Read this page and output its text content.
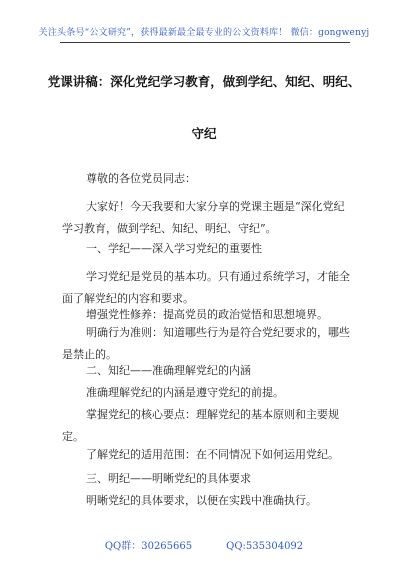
关注头条号“公文研究”，获得最新最全最专业的公文资料库！ 微信：gongwenyj
党课讲稿：深化党纪学习教育，做到学纪、知纪、明纪、
守纪
尊敬的各位党员同志：
大家好！今天我要和大家分享的党课主题是“深化党纪学习教育，做到学纪、知纪、明纪、守纪”。
一、学纪——深入学习党纪的重要性
学习党纪是党员的基本功。只有通过系统学习，才能全面了解党纪的内容和要求。
增强党性修养：提高党员的政治觉悟和思想境界。
明确行为准则：知道哪些行为是符合党纪要求的，哪些是禁止的。
二、知纪——准确理解党纪的内涵
准确理解党纪的内涵是遵守党纪的前提。
掌握党纪的核心要点：理解党纪的基本原则和主要规定。
了解党纪的适用范围：在不同情况下如何运用党纪。
三、明纪——明晰党纪的具体要求
明晰党纪的具体要求，以便在实践中准确执行。
QQ群：30265665	QQ:535304092
